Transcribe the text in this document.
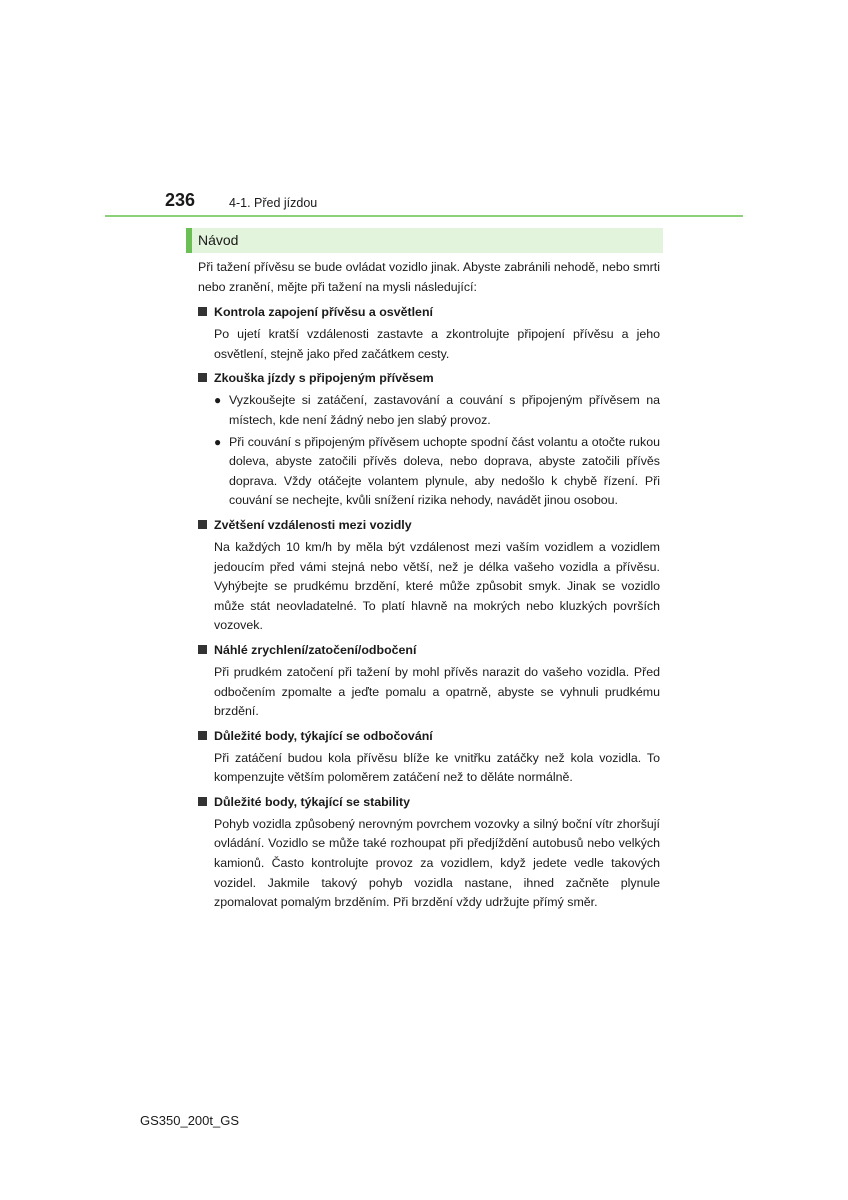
236	4-1. Před jízdou
Návod

Při tažení přívěsu se bude ovládat vozidlo jinak. Abyste zabránili nehodě, nebo smrti nebo zranění, mějte při tažení na mysli následující:

Kontrola zapojení přívěsu a osvětlení

Po ujetí kratší vzdálenosti zastavte a zkontrolujte připojení přívěsu a jeho osvětlení, stejně jako před začátkem cesty.

Zkouška jízdy s připojeným přívěsem
● Vyzkoušejte si zatáčení, zastavování a couvání s připojeným přívěsem na místech, kde není žádný nebo jen slabý provoz.

● Při couvání s připojeným přívěsem uchopte spodní část volantu a otočte rukou doleva, abyste zatočili přívěs doleva, nebo doprava, abyste zatočili přívěs doprava. Vždy otáčejte volantem plynule, aby nedošlo k chybě řízení. Při couvání se nechejte, kvůli snížení rizika nehody, navádět jinou osobou.

Zvětšení vzdálenosti mezi vozidly

Na každých 10 km/h by měla být vzdálenost mezi vaším vozidlem a vozidlem jedoucím před vámi stejná nebo větší, než je délka vašeho vozidla a přívěsu. Vyhýbejte se prudkému brzdění, které může způsobit smyk. Jinak se vozidlo může stát neovladatelné. To platí hlavně na mokrých nebo kluzkých površích vozovek.

Náhlé zrychlení/zatočení/odbočení

Při prudkém zatočení při tažení by mohl přívěs narazit do vašeho vozidla. Před odbočením zpomalte a jeďte pomalu a opatrně, abyste se vyhnuli prudkému brzdění.

Důležité body, týkající se odbočování

Při zatáčení budou kola přívěsu blíže ke vnitřku zatáčky než kola vozidla. To kompenzujte větším poloměrem zatáčení než to děláte normálně.

Důležité body, týkající se stability

Pohyb vozidla způsobený nerovným povrchem vozovky a silný boční vítr zhoršují ovládání. Vozidlo se může také rozhoupat při předjíždění autobusů nebo velkých kamionů. Často kontrolujte provoz za vozidlem, když jedete vedle takových vozidel. Jakmile takový pohyb vozidla nastane, ihned začněte plynule zpomalovat pomalým brzděním. Při brzdění vždy udržujte přímý směr.

GS350_200t_GS
